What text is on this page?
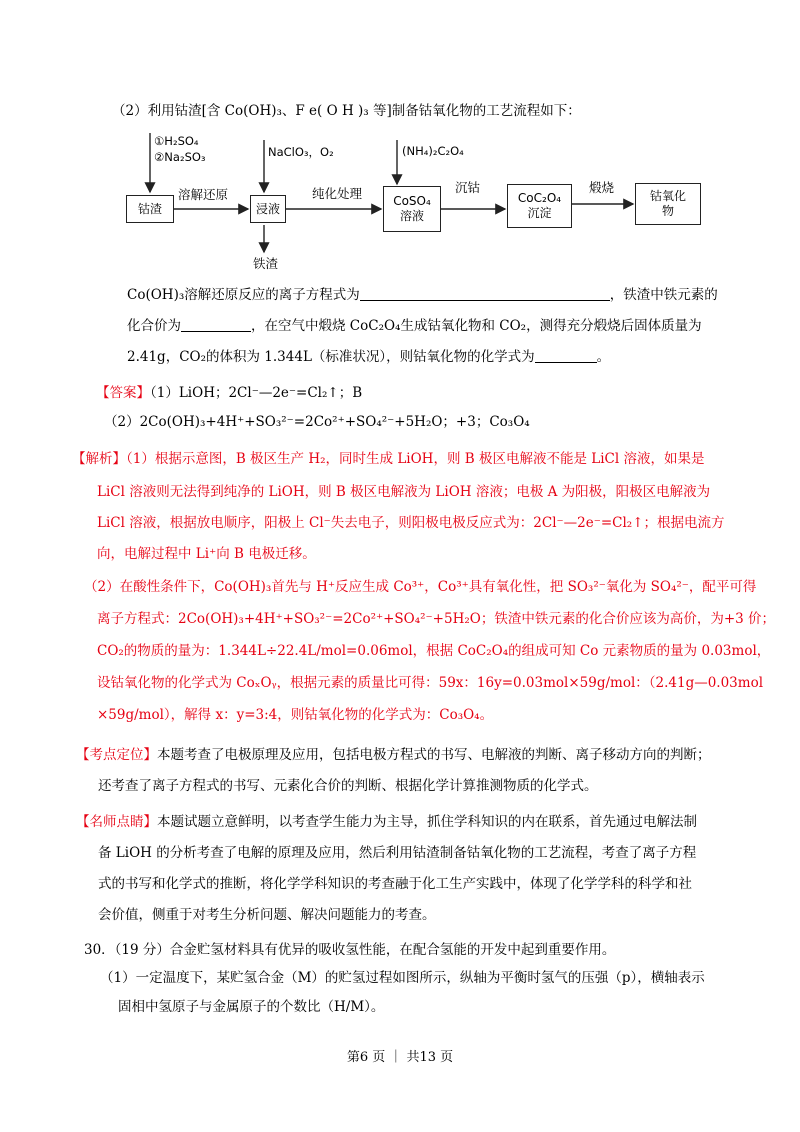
（2）利用钴渣[含 Co(OH)₃、F e( O H )₃ 等]制备钴氧化物的工艺流程如下：
①H₂SO₄
②Na₂SO₃	NaClO₃，O₂	(NH₄)₂C₂O₄
钴渣
溶解还原
浸液
纯化处理	CoSO₄
溶液
沉钴
CoC₂O₄
沉淀
煅烧
钴氧化
物
铁渣
Co(OH)₃溶解还原反应的离子方程式为	，铁渣中铁元素的
化合价为	，在空气中煅烧 CoC₂O₄生成钴氧化物和 CO₂，测得充分煅烧后固体质量为
2.41g，CO₂的体积为 1.344L（标准状况），则钴氧化物的化学式为	。
【答案】（1）LiOH；2Cl⁻—2e⁻=Cl₂↑；B
（2）2Co(OH)₃+4H⁺+SO₃²⁻=2Co²⁺+SO₄²⁻+5H₂O；+3；Co₃O₄
【解析】（1）根据示意图，B 极区生产 H₂，同时生成 LiOH，则 B 极区电解液不能是 LiCl 溶液，如果是
LiCl 溶液则无法得到纯净的 LiOH，则 B 极区电解液为 LiOH 溶液；电极 A 为阳极，阳极区电解液为
LiCl 溶液，根据放电顺序，阳极上 Cl⁻失去电子，则阳极电极反应式为：2Cl⁻—2e⁻=Cl₂↑；根据电流方
向，电解过程中 Li⁺向 B 电极迁移。
（2）在酸性条件下，Co(OH)₃首先与 H⁺反应生成 Co³⁺，Co³⁺具有氧化性，把 SO₃²⁻氧化为 SO₄²⁻，配平可得
离子方程式：2Co(OH)₃+4H⁺+SO₃²⁻=2Co²⁺+SO₄²⁻+5H₂O；铁渣中铁元素的化合价应该为高价，为+3 价；
CO₂的物质的量为：1.344L÷22.4L/mol=0.06mol，根据 CoC₂O₄的组成可知 Co 元素物质的量为 0.03mol，
设钴氧化物的化学式为 CoₓOᵧ，根据元素的质量比可得：59x：16y=0.03mol×59g/mol：（2.41g—0.03mol
×59g/mol），解得 x：y=3:4，则钴氧化物的化学式为：Co₃O₄。
【考点定位】本题考查了电极原理及应用，包括电极方程式的书写、电解液的判断、离子移动方向的判断；
还考查了离子方程式的书写、元素化合价的判断、根据化学计算推测物质的化学式。
【名师点睛】本题试题立意鲜明，以考查学生能力为主导，抓住学科知识的内在联系，首先通过电解法制
备 LiOH 的分析考查了电解的原理及应用，然后利用钴渣制备钴氧化物的工艺流程，考查了离子方程
式的书写和化学式的推断，将化学学科知识的考查融于化工生产实践中，体现了化学学科的科学和社
会价值，侧重于对考生分析问题、解决问题能力的考查。
30．（19 分）合金贮氢材料具有优异的吸收氢性能，在配合氢能的开发中起到重要作用。
（1）一定温度下，某贮氢合金（M）的贮氢过程如图所示，纵轴为平衡时氢气的压强（p），横轴表示
固相中氢原子与金属原子的个数比（H/M）。
第6 页 ｜ 共13 页
